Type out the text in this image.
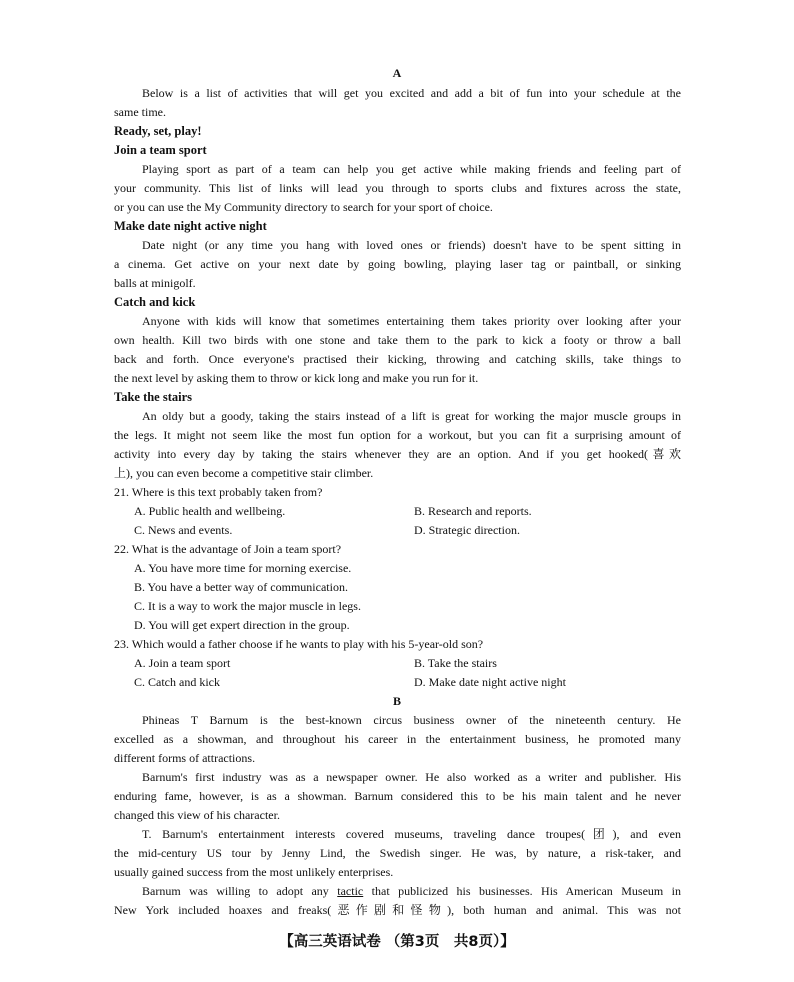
A
Below is a list of activities that will get you excited and add a bit of fun into your schedule at the
same time.
Ready, set, play!
Join a team sport
Playing sport as part of a team can help you get active while making friends and feeling part of
your community. This list of links will lead you through to sports clubs and fixtures across the state,
or you can use the My Community directory to search for your sport of choice.
Make date night active night
Date night (or any time you hang with loved ones or friends) doesn't have to be spent sitting in
a cinema. Get active on your next date by going bowling, playing laser tag or paintball, or sinking
balls at minigolf.
Catch and kick
Anyone with kids will know that sometimes entertaining them takes priority over looking after your
own health. Kill two birds with one stone and take them to the park to kick a footy or throw a ball
back and forth. Once everyone's practised their kicking, throwing and catching skills, take things to
the next level by asking them to throw or kick long and make you run for it.
Take the stairs
An oldy but a goody, taking the stairs instead of a lift is great for working the major muscle groups in
the legs. It might not seem like the most fun option for a workout, but you can fit a surprising amount of
activity into every day by taking the stairs whenever they are an option. And if you get hooked(喜欢
上), you can even become a competitive stair climber.
21. Where is this text probably taken from?
A. Public health and wellbeing.	B. Research and reports.
C. News and events.	D. Strategic direction.
22. What is the advantage of Join a team sport?
A. You have more time for morning exercise.
B. You have a better way of communication.
C. It is a way to work the major muscle in legs.
D. You will get expert direction in the group.
23. Which would a father choose if he wants to play with his 5-year-old son?
A. Join a team sport	B. Take the stairs
C. Catch and kick	D. Make date night active night
B
Phineas T Barnum is the best-known circus business owner of the nineteenth century. He
excelled as a showman, and throughout his career in the entertainment business, he promoted many
different forms of attractions.
Barnum's first industry was as a newspaper owner. He also worked as a writer and publisher. His
enduring fame, however, is as a showman. Barnum considered this to be his main talent and he never
changed this view of his character.
T. Barnum's entertainment interests covered museums, traveling dance troupes(团), and even
the mid-century US tour by Jenny Lind, the Swedish singer. He was, by nature, a risk-taker, and
usually gained success from the most unlikely enterprises.
Barnum was willing to adopt any tactic that publicized his businesses. His American Museum in
New York included hoaxes and freaks(恶作剧和怪物), both human and animal. This was not
【高三英语试卷 （第3页　共8页）】
